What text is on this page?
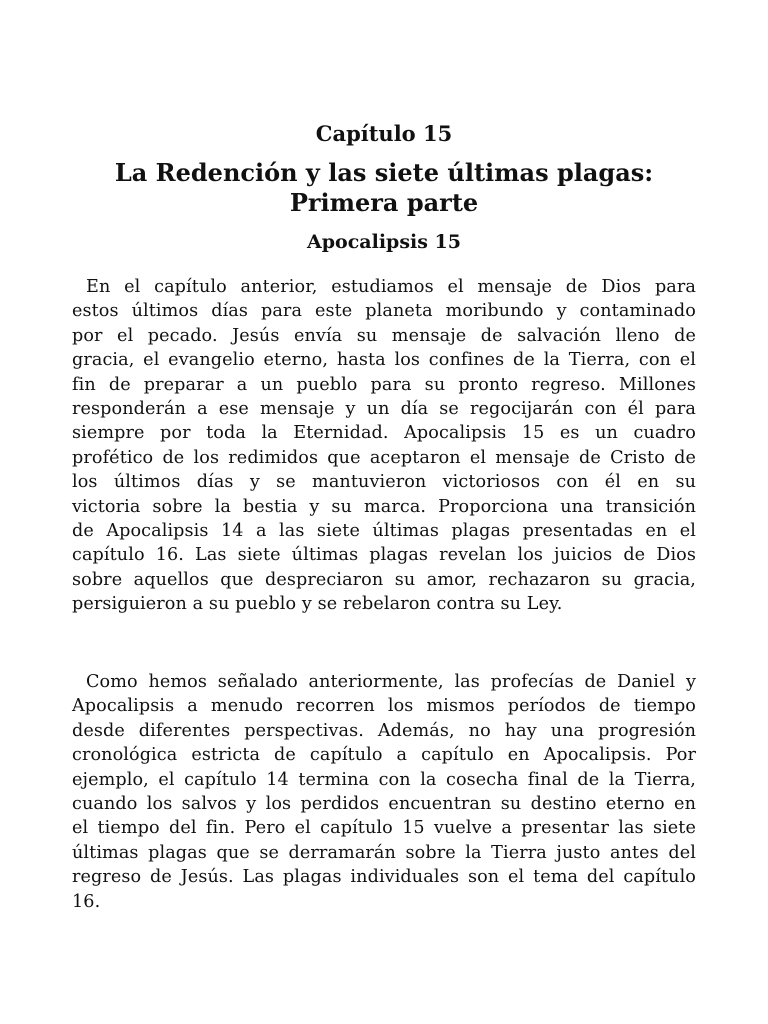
Capítulo 15
La Redención y las siete últimas plagas:
Primera parte
Apocalipsis 15
En el capítulo anterior, estudiamos el mensaje de Dios para
estos últimos días para este planeta moribundo y contaminado
por el pecado. Jesús envía su mensaje de salvación lleno de
gracia, el evangelio eterno, hasta los confines de la Tierra, con el
fin de preparar a un pueblo para su pronto regreso. Millones
responderán a ese mensaje y un día se regocijarán con él para
siempre por toda la Eternidad. Apocalipsis 15 es un cuadro
profético de los redimidos que aceptaron el mensaje de Cristo de
los últimos días y se mantuvieron victoriosos con él en su
victoria sobre la bestia y su marca. Proporciona una transición
de Apocalipsis 14 a las siete últimas plagas presentadas en el
capítulo 16. Las siete últimas plagas revelan los juicios de Dios
sobre aquellos que despreciaron su amor, rechazaron su gracia,
persiguieron a su pueblo y se rebelaron contra su Ley.
Como hemos señalado anteriormente, las profecías de Daniel y
Apocalipsis a menudo recorren los mismos períodos de tiempo
desde diferentes perspectivas. Además, no hay una progresión
cronológica estricta de capítulo a capítulo en Apocalipsis. Por
ejemplo, el capítulo 14 termina con la cosecha final de la Tierra,
cuando los salvos y los perdidos encuentran su destino eterno en
el tiempo del fin. Pero el capítulo 15 vuelve a presentar las siete
últimas plagas que se derramarán sobre la Tierra justo antes del
regreso de Jesús. Las plagas individuales son el tema del capítulo
16.
